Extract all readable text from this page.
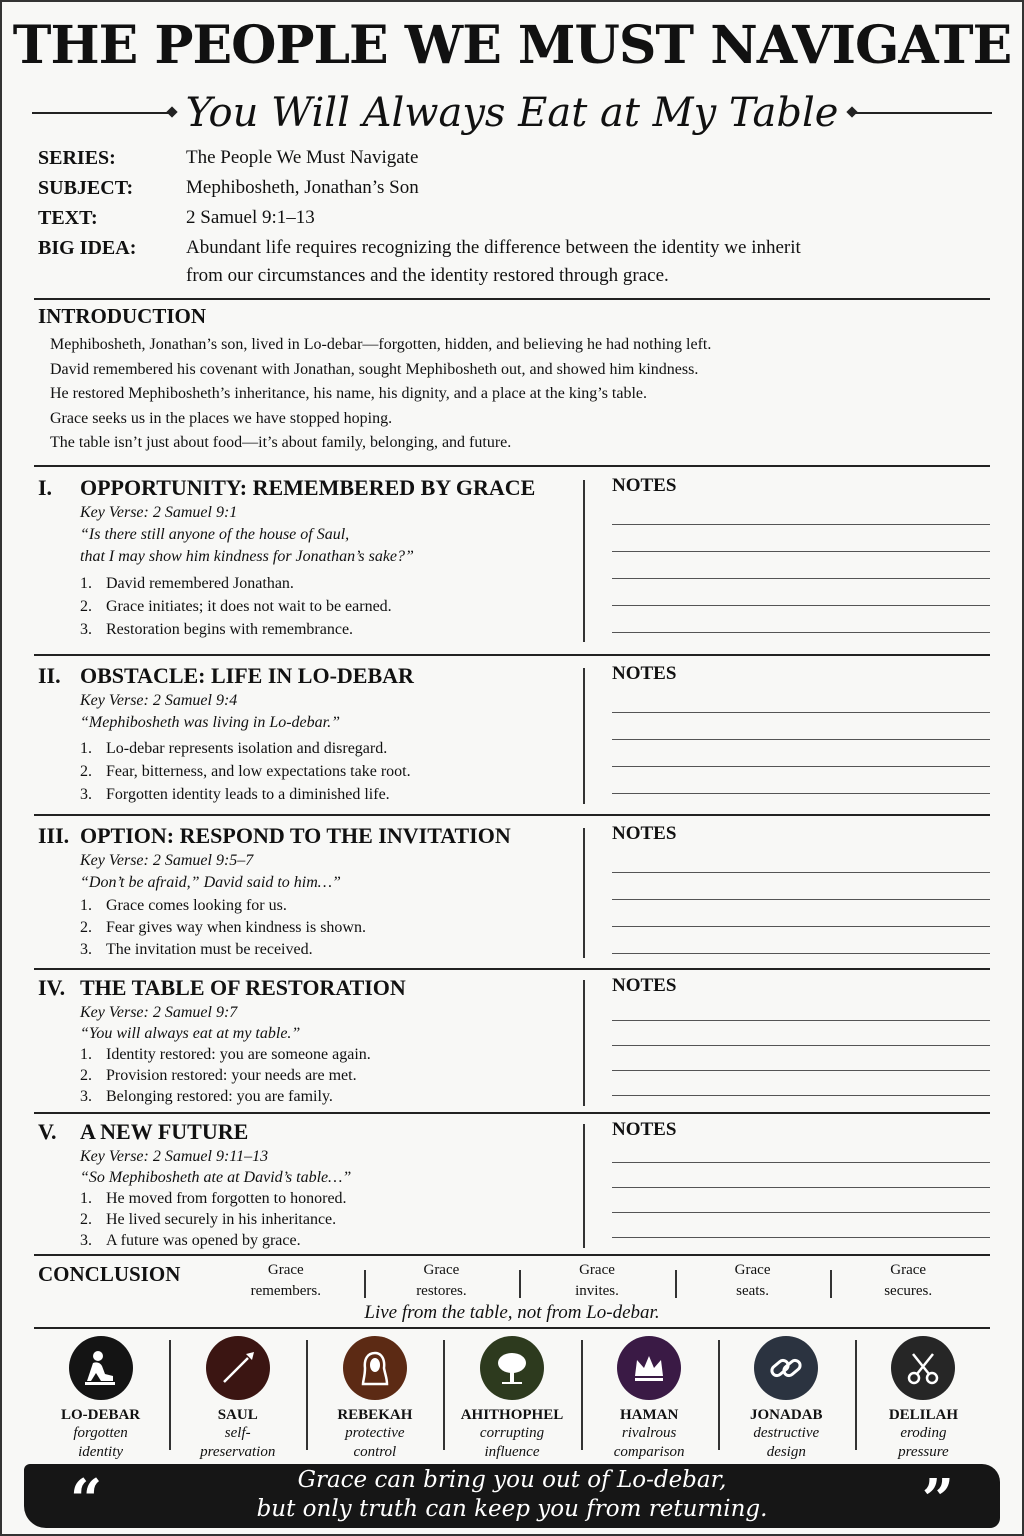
THE PEOPLE WE MUST NAVIGATE
You Will Always Eat at My Table
SERIES:	The People We Must Navigate
SUBJECT:	Mephibosheth, Jonathan’s Son
TEXT:	2 Samuel 9:1–13
BIG IDEA:	Abundant life requires recognizing the difference between the identity we inherit
from our circumstances and the identity restored through grace.
INTRODUCTION
Mephibosheth, Jonathan’s son, lived in Lo-debar—forgotten, hidden, and believing he had nothing left.
David remembered his covenant with Jonathan, sought Mephibosheth out, and showed him kindness.
He restored Mephibosheth’s inheritance, his name, his dignity, and a place at the king’s table.
Grace seeks us in the places we have stopped hoping.
The table isn’t just about food—it’s about family, belonging, and future.
I.	OPPORTUNITY: REMEMBERED BY GRACE
Key Verse: 2 Samuel 9:1
“Is there still anyone of the house of Saul,
that I may show him kindness for Jonathan’s sake?”
1. David remembered Jonathan.
2. Grace initiates; it does not wait to be earned.
3. Restoration begins with remembrance.
NOTES
II. OBSTACLE: LIFE IN LO-DEBAR
Key Verse: 2 Samuel 9:4
“Mephibosheth was living in Lo-debar.”
1. Lo-debar represents isolation and disregard.
2. Fear, bitterness, and low expectations take root.
3. Forgotten identity leads to a diminished life.
NOTES
III. OPTION: RESPOND TO THE INVITATION
Key Verse: 2 Samuel 9:5–7
“Don’t be afraid,” David said to him…”
1. Grace comes looking for us.
2. Fear gives way when kindness is shown.
3. The invitation must be received.
NOTES
IV. THE TABLE OF RESTORATION
Key Verse: 2 Samuel 9:7
“You will always eat at my table.”
1. Identity restored: you are someone again.
2. Provision restored: your needs are met.
3. Belonging restored: you are family.
NOTES
V.	A NEW FUTURE
Key Verse: 2 Samuel 9:11–13
“So Mephibosheth ate at David’s table…”
1. He moved from forgotten to honored.
2. He lived securely in his inheritance.
3. A future was opened by grace.
NOTES
CONCLUSION	Grace
remembers.
Grace
restores.
Grace
invites.
Grace
seats.
Grace
secures.
Live from the table, not from Lo-debar.
LO-DEBAR
forgotten
identity
SAUL
self-
preservation
REBEKAH
protective
control
AHITHOPHEL
corrupting
influence
HAMAN
rivalrous
comparison
JONADAB
destructive
design
DELILAH
eroding
pressure
“	Grace can bring you out of Lo-debar,
but only truth can keep you from returning.	”
